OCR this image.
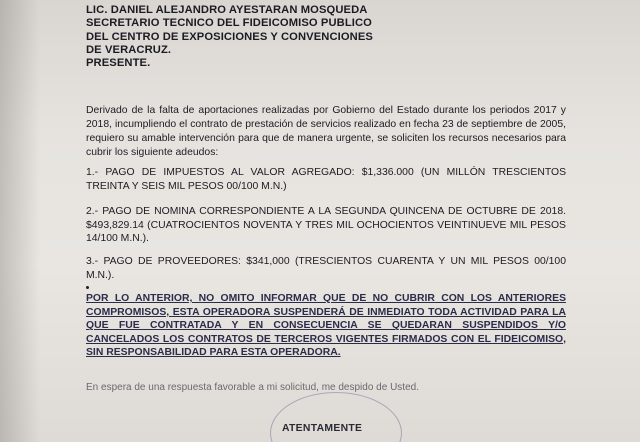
LIC. DANIEL ALEJANDRO AYESTARAN MOSQUEDA
SECRETARIO TECNICO DEL FIDEICOMISO PUBLICO
DEL CENTRO DE EXPOSICIONES Y CONVENCIONES
DE VERACRUZ.
PRESENTE.
Derivado de la falta de aportaciones realizadas por Gobierno del Estado durante los periodos 2017 y 2018, incumpliendo el contrato de prestación de servicios realizado en fecha 23 de septiembre de 2005, requiero su amable intervención para que de manera urgente, se soliciten los recursos necesarios para cubrir los siguiente adeudos:
1.- PAGO DE IMPUESTOS AL VALOR AGREGADO: $1,336.000 (UN MILLÓN TRESCIENTOS TREINTA Y SEIS MIL PESOS 00/100 M.N.)
2.- PAGO DE NOMINA CORRESPONDIENTE A LA SEGUNDA QUINCENA DE OCTUBRE DE 2018. $493,829.14 (CUATROCIENTOS NOVENTA Y TRES MIL OCHOCIENTOS VEINTINUEVE MIL PESOS 14/100 M.N.).
3.- PAGO DE PROVEEDORES: $341,000 (TRESCIENTOS CUARENTA Y UN MIL PESOS 00/100 M.N.).
POR LO ANTERIOR, NO OMITO INFORMAR QUE DE NO CUBRIR CON LOS ANTERIORES COMPROMISOS, ESTA OPERADORA SUSPENDERÁ DE INMEDIATO TODA ACTIVIDAD PARA LA QUE FUE CONTRATADA Y EN CONSECUENCIA SE QUEDARAN SUSPENDIDOS Y/O CANCELADOS LOS CONTRATOS DE TERCEROS VIGENTES FIRMADOS CON EL FIDEICOMISO, SIN RESPONSABILIDAD PARA ESTA OPERADORA.
En espera de una respuesta favorable a mi solicitud, me despido de Usted.
ATENTAMENTE
